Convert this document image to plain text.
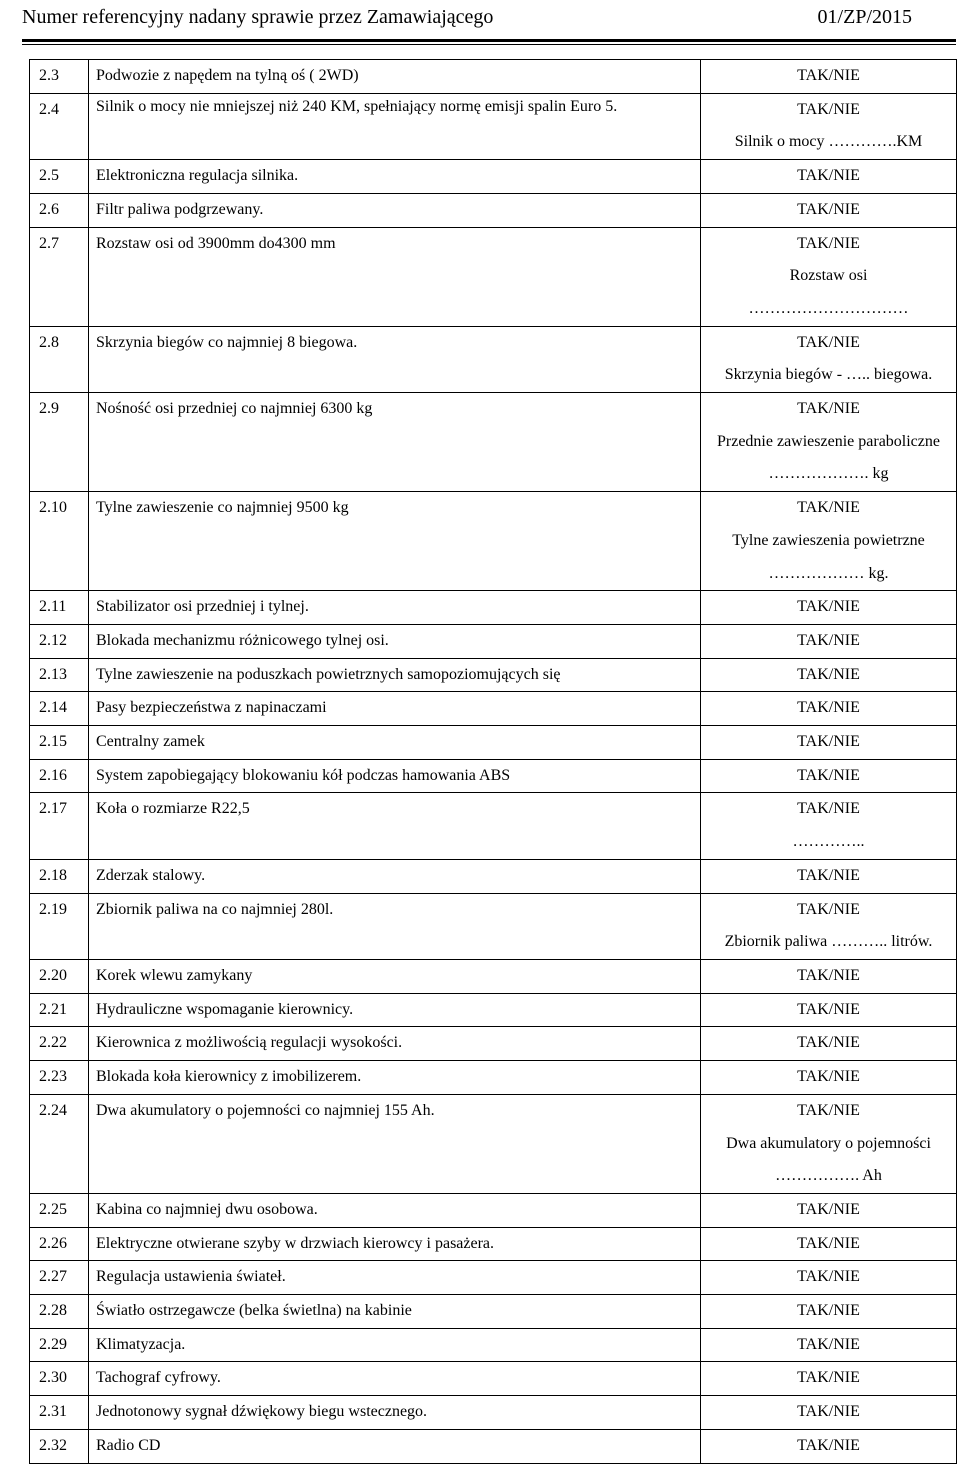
Numer referencyjny nadany sprawie przez Zamawiającego	01/ZP/2015
2.3	Podwozie z napędem na tylną oś ( 2WD)	TAK/NIE

2.4	Silnik o mocy nie mniejszej niż 240 KM, spełniający normę emisji spalin Euro 5.	TAK/NIE
Silnik o mocy ………….KM

2.5	Elektroniczna regulacja silnika.	TAK/NIE

2.6	Filtr paliwa podgrzewany.	TAK/NIE

2.7	Rozstaw osi od 3900mm do4300 mm	TAK/NIE
Rozstaw osi
…………………………

2.8	Skrzynia biegów co najmniej 8 biegowa.	TAK/NIE
Skrzynia biegów - ….. biegowa.

2.9	Nośność osi przedniej co najmniej 6300 kg	TAK/NIE
Przednie zawieszenie paraboliczne
………………. kg

2.10	Tylne zawieszenie co najmniej 9500 kg	TAK/NIE
Tylne zawieszenia powietrzne
……………… kg.

2.11	Stabilizator osi przedniej i tylnej.	TAK/NIE

2.12	Blokada mechanizmu różnicowego tylnej osi.	TAK/NIE

2.13	Tylne zawieszenie na poduszkach powietrznych samopoziomujących się	TAK/NIE

2.14	Pasy bezpieczeństwa z napinaczami	TAK/NIE

2.15	Centralny zamek	TAK/NIE

2.16	System zapobiegający blokowaniu kół podczas hamowania ABS	TAK/NIE

2.17	Koła o rozmiarze R22,5	TAK/NIE
…………..

2.18	Zderzak stalowy.	TAK/NIE

2.19	Zbiornik paliwa na co najmniej 280l.	TAK/NIE
Zbiornik paliwa ……….. litrów.

2.20	Korek wlewu zamykany	TAK/NIE

2.21	Hydrauliczne wspomaganie kierownicy.	TAK/NIE

2.22	Kierownica z możliwością regulacji wysokości.	TAK/NIE

2.23	Blokada koła kierownicy z imobilizerem.	TAK/NIE

2.24	Dwa akumulatory o pojemności co najmniej 155 Ah.	TAK/NIE
Dwa akumulatory o pojemności
……………. Ah

2.25	Kabina co najmniej dwu osobowa.	TAK/NIE

2.26	Elektryczne otwierane szyby w drzwiach kierowcy i pasażera.	TAK/NIE

2.27	Regulacja ustawienia świateł.	TAK/NIE

2.28	Światło ostrzegawcze (belka świetlna) na kabinie	TAK/NIE

2.29	Klimatyzacja.	TAK/NIE

2.30	Tachograf cyfrowy.	TAK/NIE

2.31	Jednotonowy sygnał dźwiękowy biegu wstecznego.	TAK/NIE

2.32	Radio CD	TAK/NIE
